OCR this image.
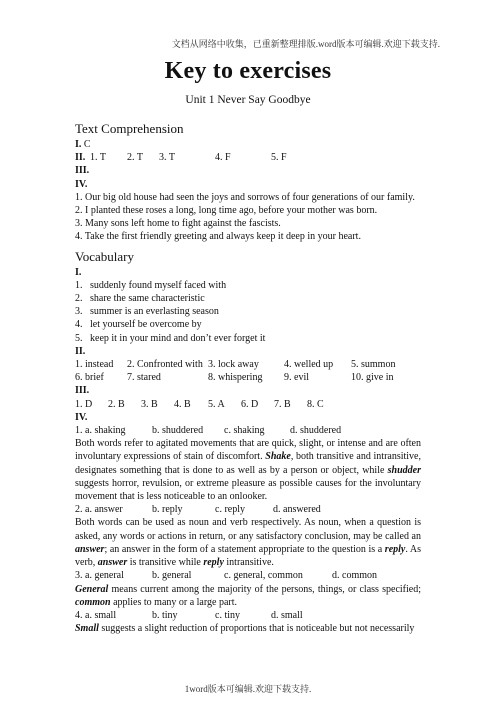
文档从网络中收集，已重新整理排版.word版本可编辑.欢迎下载支持.
Key to exercises
Unit 1 Never Say Goodbye
Text Comprehension
I. C
II. 1. T	2. T	3. T	4. F	5. F
III.
IV.
1. Our big old house had seen the joys and sorrows of four generations of our family.
2. I planted these roses a long, long time ago, before your mother was born.
3. Many sons left home to fight against the fascists.
4. Take the first friendly greeting and always keep it deep in your heart.
Vocabulary
I.
1. suddenly found myself faced with
2. share the same characteristic
3. summer is an everlasting season
4. let yourself be overcome by
5. keep it in your mind and don’t ever forget it
II.
1. instead	2. Confronted with 3. lock away	4. welled up	5. summon
6. brief	7. stared	8. whispering	9. evil	10. give in
III.
1. D	2. B	3. B	4. B	5. A	6. D	7. B	8. C
IV.
1. a. shaking	b. shuddered	c. shaking	d. shuddered
Both words refer to agitated movements that are quick, slight, or intense and are often involuntary expressions of stain of discomfort. Shake, both transitive and intransitive, designates something that is done to as well as by a person or object, while shudder suggests horror, revulsion, or extreme pleasure as possible causes for the involuntary movement that is less noticeable to an onlooker.
2. a. answer	b. reply	c. reply	d. answered
Both words can be used as noun and verb respectively. As noun, when a question is asked, any words or actions in return, or any satisfactory conclusion, may be called an answer; an answer in the form of a statement appropriate to the question is a reply. As verb, answer is transitive while reply intransitive.
3. a. general	b. general	c. general, common	d. common
General means current among the majority of the persons, things, or class specified; common applies to many or a large part.
4. a. small	b. tiny	c. tiny	d. small
Small suggests a slight reduction of proportions that is noticeable but not necessarily
1word版本可编辑.欢迎下载支持.
